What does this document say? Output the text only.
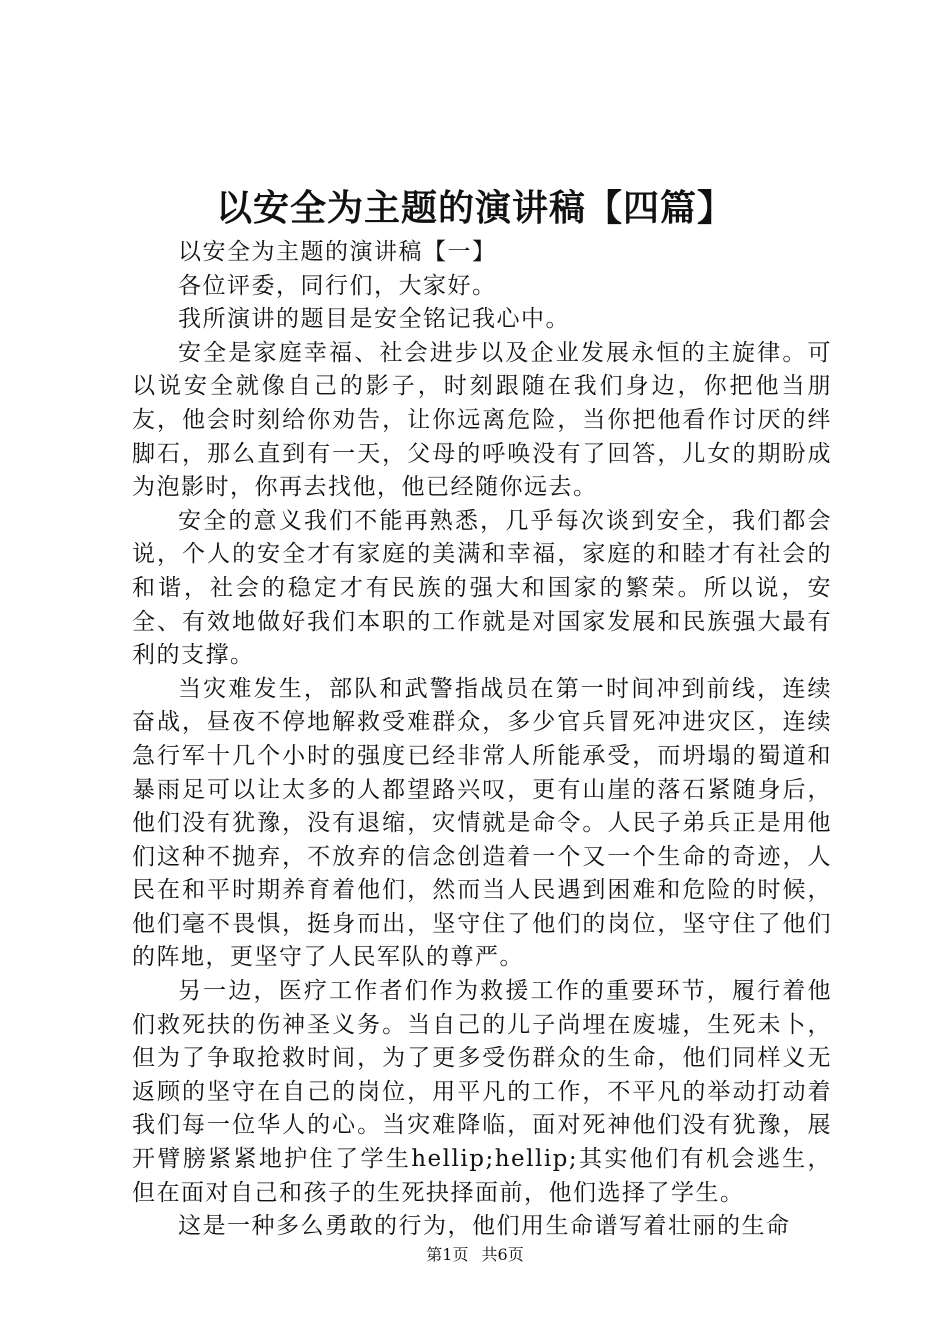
以安全为主题的演讲稿【四篇】

以安全为主题的演讲稿【一】

各位评委，同行们，大家好。

我所演讲的题目是安全铭记我心中。

安全是家庭幸福、社会进步以及企业发展永恒的主旋律。可以说安全就像自己的影子，时刻跟随在我们身边，你把他当朋友，他会时刻给你劝告，让你远离危险，当你把他看作讨厌的绊脚石，那么直到有一天，父母的呼唤没有了回答，儿女的期盼成为泡影时，你再去找他，他已经随你远去。

安全的意义我们不能再熟悉，几乎每次谈到安全，我们都会说，个人的安全才有家庭的美满和幸福，家庭的和睦才有社会的和谐，社会的稳定才有民族的强大和国家的繁荣。所以说，安全、有效地做好我们本职的工作就是对国家发展和民族强大最有利的支撑。

当灾难发生，部队和武警指战员在第一时间冲到前线，连续奋战，昼夜不停地解救受难群众，多少官兵冒死冲进灾区，连续急行军十几个小时的强度已经非常人所能承受，而坍塌的蜀道和暴雨足可以让太多的人都望路兴叹，更有山崖的落石紧随身后，他们没有犹豫，没有退缩，灾情就是命令。人民子弟兵正是用他们这种不抛弃，不放弃的信念创造着一个又一个生命的奇迹，人民在和平时期养育着他们，然而当人民遇到困难和危险的时候，他们毫不畏惧，挺身而出，坚守住了他们的岗位，坚守住了他们的阵地，更坚守了人民军队的尊严。

另一边，医疗工作者们作为救援工作的重要环节，履行着他们救死扶的伤神圣义务。当自己的儿子尚埋在废墟，生死未卜，但为了争取抢救时间，为了更多受伤群众的生命，他们同样义无返顾的坚守在自己的岗位，用平凡的工作，不平凡的举动打动着我们每一位华人的心。当灾难降临，面对死神他们没有犹豫，展开臂膀紧紧地护住了学生hellip;hellip;其实他们有机会逃生，但在面对自己和孩子的生死抉择面前，他们选择了学生。

这是一种多么勇敢的行为，他们用生命谱写着壮丽的生命

第1页 共6页
